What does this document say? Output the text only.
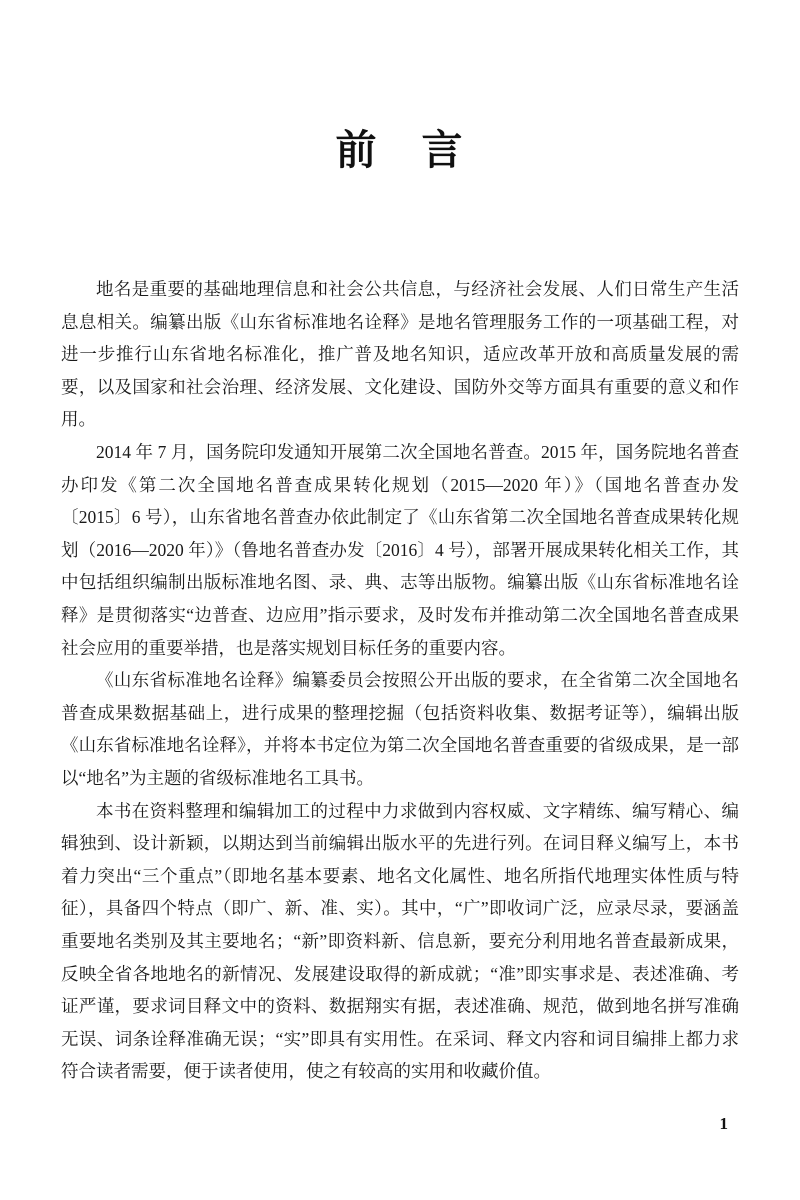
前　言

地名是重要的基础地理信息和社会公共信息，与经济社会发展、人们日常生产生活息息相关。编纂出版《山东省标准地名诠释》是地名管理服务工作的一项基础工程，对进一步推行山东省地名标准化，推广普及地名知识，适应改革开放和高质量发展的需要，以及国家和社会治理、经济发展、文化建设、国防外交等方面具有重要的意义和作用。

2014 年 7 月，国务院印发通知开展第二次全国地名普查。2015 年，国务院地名普查办印发《第二次全国地名普查成果转化规划（2015—2020 年）》（国地名普查办发〔2015〕6 号），山东省地名普查办依此制定了《山东省第二次全国地名普查成果转化规划（2016—2020 年）》（鲁地名普查办发〔2016〕4 号），部署开展成果转化相关工作，其中包括组织编制出版标准地名图、录、典、志等出版物。编纂出版《山东省标准地名诠释》是贯彻落实“边普查、边应用”指示要求，及时发布并推动第二次全国地名普查成果社会应用的重要举措，也是落实规划目标任务的重要内容。

《山东省标准地名诠释》编纂委员会按照公开出版的要求，在全省第二次全国地名普查成果数据基础上，进行成果的整理挖掘（包括资料收集、数据考证等），编辑出版《山东省标准地名诠释》，并将本书定位为第二次全国地名普查重要的省级成果，是一部以“地名”为主题的省级标准地名工具书。

本书在资料整理和编辑加工的过程中力求做到内容权威、文字精练、编写精心、编辑独到、设计新颖，以期达到当前编辑出版水平的先进行列。在词目释义编写上，本书着力突出“三个重点”（即地名基本要素、地名文化属性、地名所指代地理实体性质与特征），具备四个特点（即广、新、准、实）。其中，“广”即收词广泛，应录尽录，要涵盖重要地名类别及其主要地名；“新”即资料新、信息新，要充分利用地名普查最新成果，反映全省各地地名的新情况、发展建设取得的新成就；“准”即实事求是、表述准确、考证严谨，要求词目释文中的资料、数据翔实有据，表述准确、规范，做到地名拼写准确无误、词条诠释准确无误；“实”即具有实用性。在采词、释文内容和词目编排上都力求符合读者需要，便于读者使用，使之有较高的实用和收藏价值。

1
